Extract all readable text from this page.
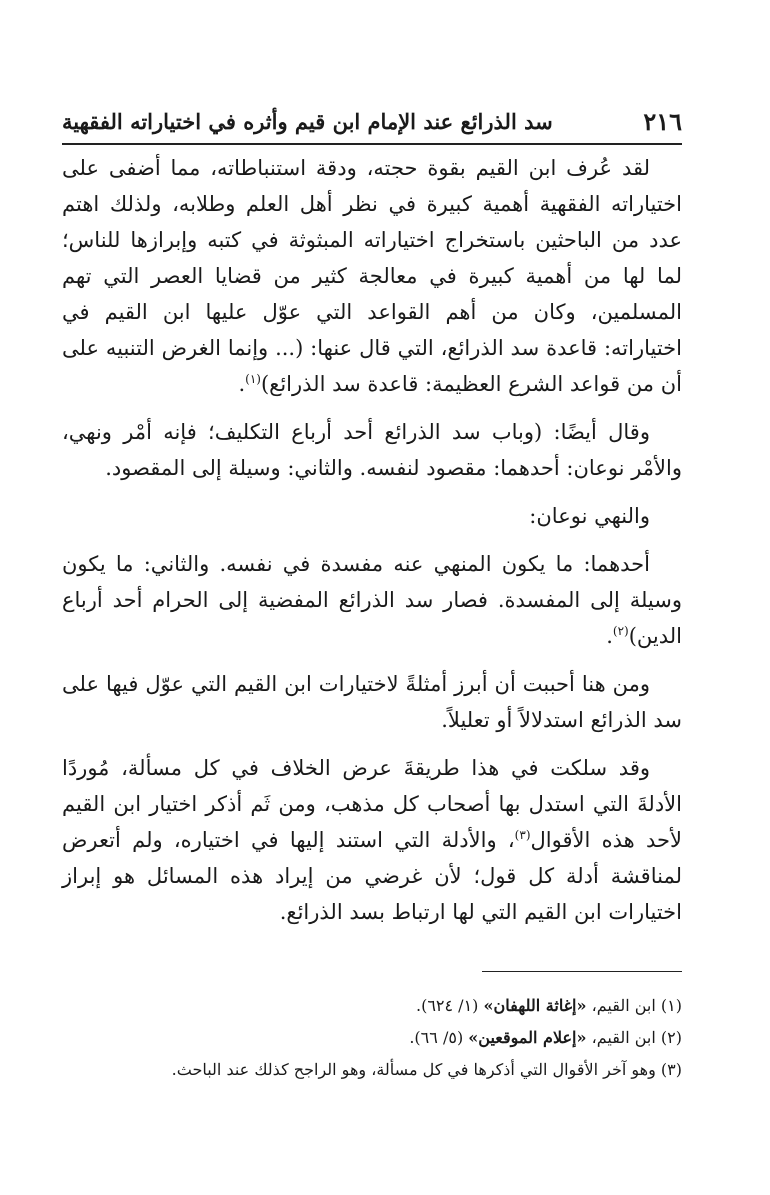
٢١٦
سد الذرائع عند الإمام ابن قيم وأثره في اختياراته الفقهية

لقد عُرف ابن القيم بقوة حجته، ودقة استنباطاته، مما أضفى على اختياراته الفقهية أهمية كبيرة في نظر أهل العلم وطلابه، ولذلك اهتم عدد من الباحثين باستخراج اختياراته المبثوثة في كتبه وإبرازها للناس؛ لما لها من أهمية كبيرة في معالجة كثير من قضايا العصر التي تهم المسلمين، وكان من أهم القواعد التي عوّل عليها ابن القيم في اختياراته: قاعدة سد الذرائع، التي قال عنها: (... وإنما الغرض التنبيه على أن من قواعد الشرع العظيمة: قاعدة سد الذرائع)$^{(١)}$.

وقال أيضًا: (وباب سد الذرائع أحد أرباع التكليف؛ فإنه أمْر ونهي، والأمْر نوعان: أحدهما: مقصود لنفسه. والثاني: وسيلة إلى المقصود.

والنهي نوعان:

أحدهما: ما يكون المنهي عنه مفسدة في نفسه. والثاني: ما يكون وسيلة إلى المفسدة. فصار سد الذرائع المفضية إلى الحرام أحد أرباع الدين)$^{(٢)}$.

ومن هنا أحببت أن أبرز أمثلةً لاختيارات ابن القيم التي عوّل فيها على سد الذرائع استدلالاً أو تعليلاً.

وقد سلكت في هذا طريقةَ عرض الخلاف في كل مسألة، مُوردًا الأدلةَ التي استدل بها أصحاب كل مذهب، ومن ثَم أذكر اختيار ابن القيم لأحد هذه الأقوال$^{(٣)}$، والأدلة التي استند إليها في اختياره، ولم أتعرض لمناقشة أدلة كل قول؛ لأن غرضي من إيراد هذه المسائل هو إبراز اختيارات ابن القيم التي لها ارتباط بسد الذرائع.

(١) ابن القيم، «إغاثة اللهفان» (١/ ٦٢٤).

(٢) ابن القيم، «إعلام الموقعين» (٥/ ٦٦).

(٣) وهو آخر الأقوال التي أذكرها في كل مسألة، وهو الراجح كذلك عند الباحث.
